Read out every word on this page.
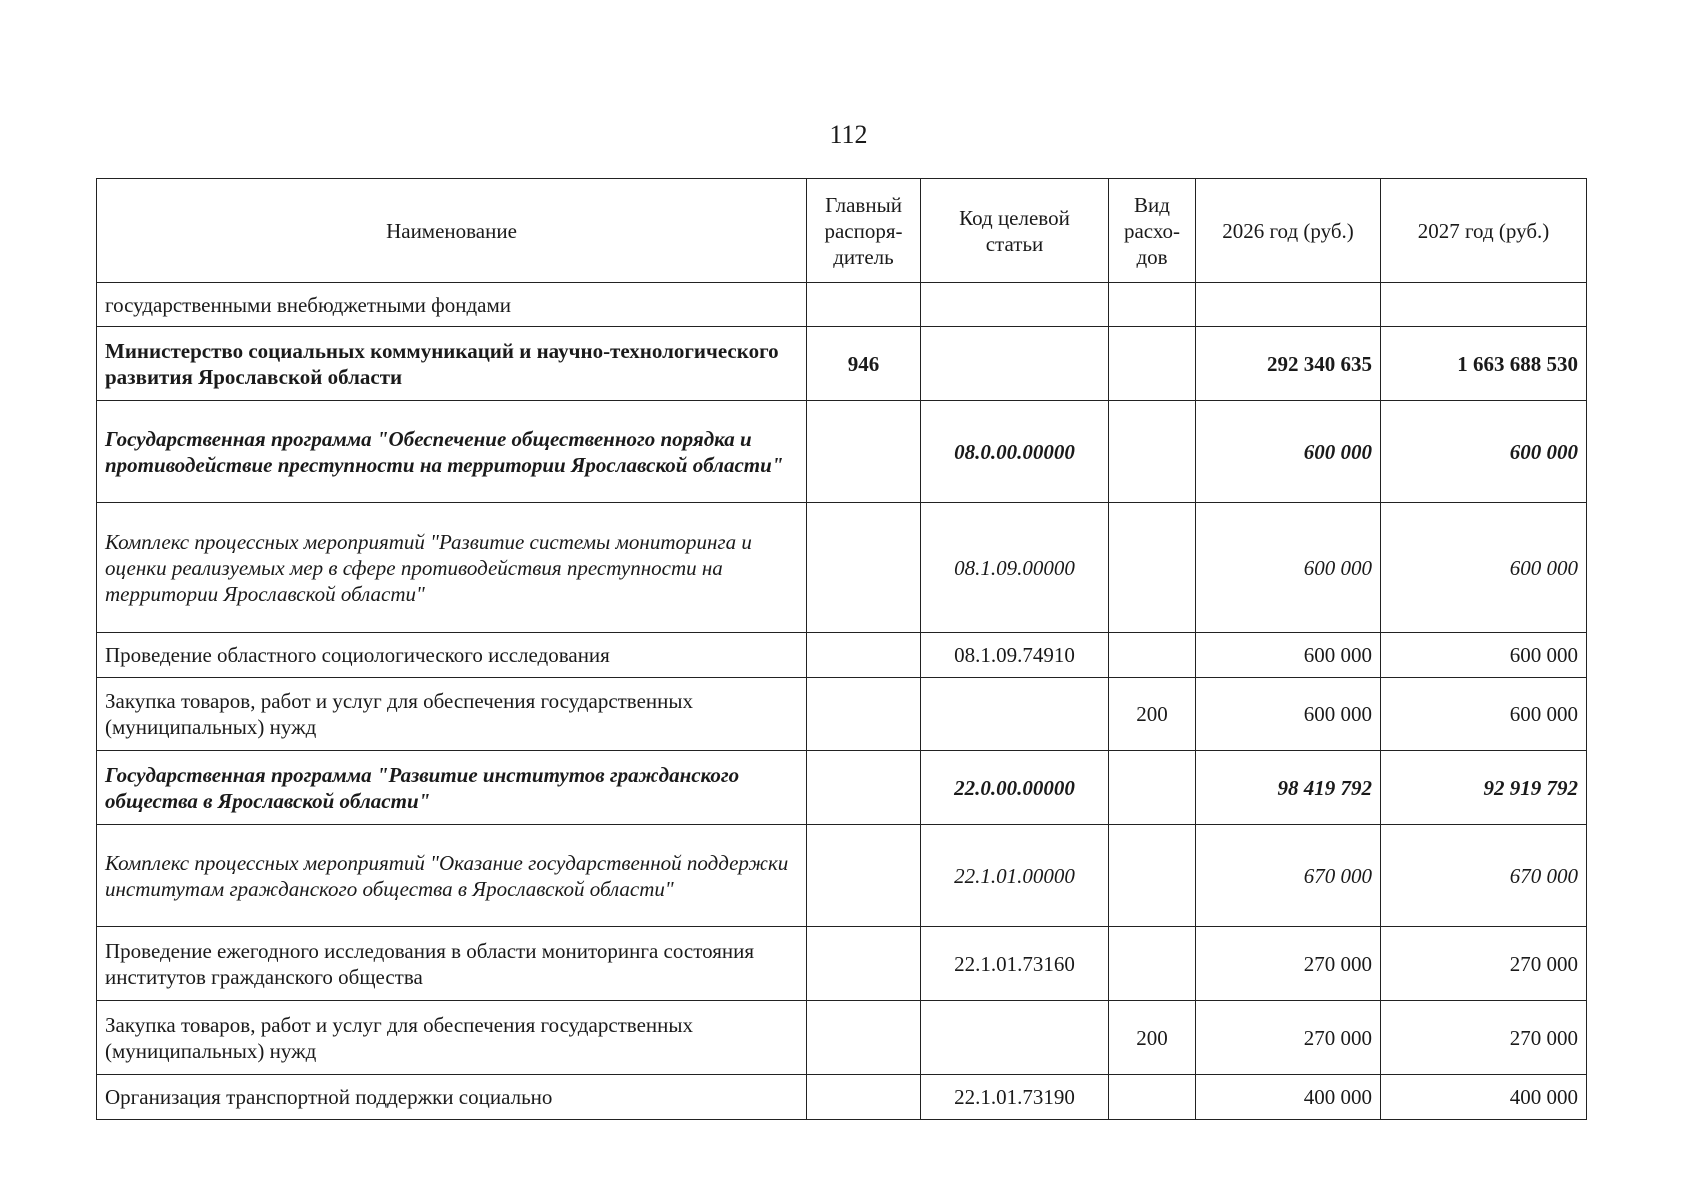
112
Наименование	Главный распоря-дитель	Код целевой статьи	Вид расхо-дов	2026 год (руб.)	2027 год (руб.)
государственными внебюджетными фондами					
Министерство социальных коммуникаций и научно-технологического развития Ярославской области	946			292 340 635	1 663 688 530
Государственная программа "Обеспечение общественного порядка и противодействие преступности на территории Ярославской области"		08.0.00.00000		600 000	600 000
Комплекс процессных мероприятий "Развитие системы мониторинга и оценки реализуемых мер в сфере противодействия преступности на территории Ярославской области"		08.1.09.00000		600 000	600 000
Проведение областного социологического исследования		08.1.09.74910		600 000	600 000
Закупка товаров, работ и услуг для обеспечения государственных (муниципальных) нужд			200	600 000	600 000
Государственная программа "Развитие институтов гражданского общества в Ярославской области"		22.0.00.00000		98 419 792	92 919 792
Комплекс процессных мероприятий "Оказание государственной поддержки институтам гражданского общества в Ярославской области"		22.1.01.00000		670 000	670 000
Проведение ежегодного исследования в области мониторинга состояния институтов гражданского общества		22.1.01.73160		270 000	270 000
Закупка товаров, работ и услуг для обеспечения государственных (муниципальных) нужд			200	270 000	270 000
Организация транспортной поддержки социально		22.1.01.73190		400 000	400 000
